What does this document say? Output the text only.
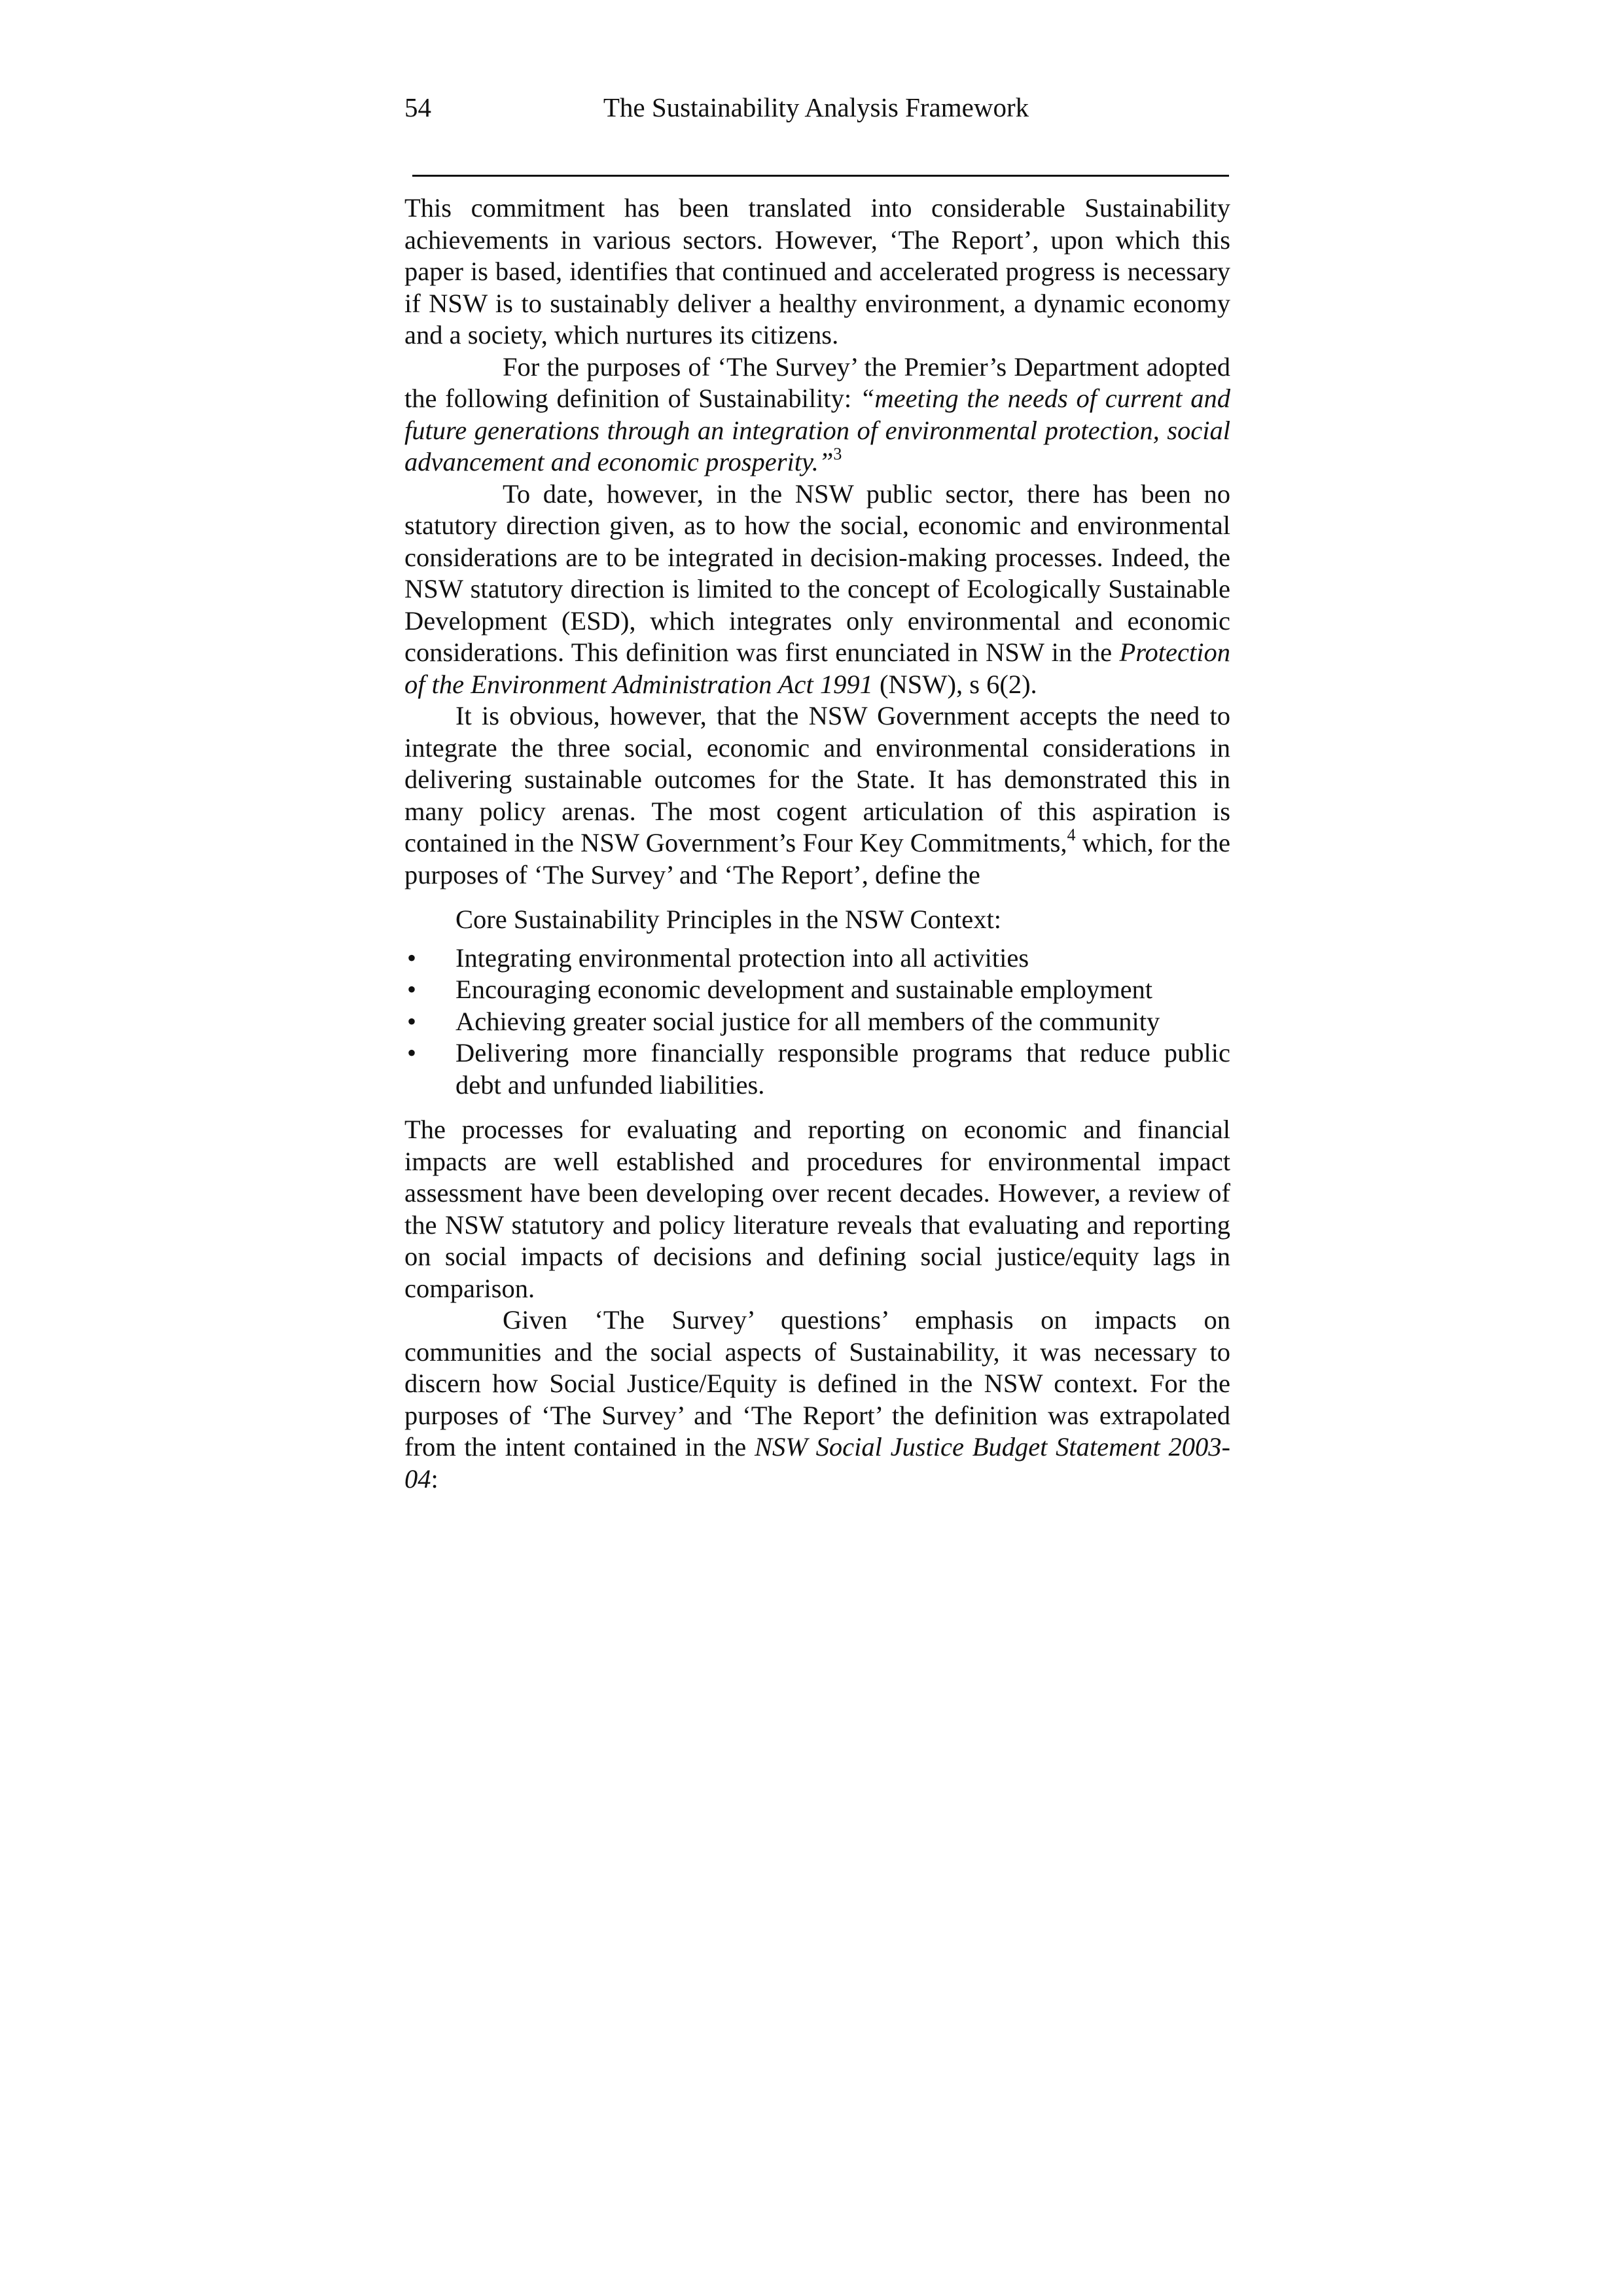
54	The Sustainability Analysis Framework

This commitment has been translated into considerable Sustainability achievements in various sectors. However, ‘The Report’, upon which this paper is based, identifies that continued and accelerated progress is necessary if NSW is to sustainably deliver a healthy environment, a dynamic economy and a society, which nurtures its citizens.

For the purposes of ‘The Survey’ the Premier’s Department adopted the following definition of Sustainability: “meeting the needs of current and future generations through an integration of environmental protection, social advancement and economic prosperity.”$^3$

To date, however, in the NSW public sector, there has been no statutory direction given, as to how the social, economic and environmental considerations are to be integrated in decision-making processes. Indeed, the NSW statutory direction is limited to the concept of Ecologically Sustainable Development (ESD), which integrates only environmental and economic considerations. This definition was first enunciated in NSW in the Protection of the Environment Administration Act 1991 (NSW), s 6(2).

It is obvious, however, that the NSW Government accepts the need to integrate the three social, economic and environmental considerations in delivering sustainable outcomes for the State. It has demonstrated this in many policy arenas. The most cogent articulation of this aspiration is contained in the NSW Government’s Four Key Commitments,$^4$ which, for the purposes of ‘The Survey’ and ‘The Report’, define the

Core Sustainability Principles in the NSW Context:

• Integrating environmental protection into all activities
• Encouraging economic development and sustainable employment
• Achieving greater social justice for all members of the community
• Delivering more financially responsible programs that reduce public debt and unfunded liabilities.

The processes for evaluating and reporting on economic and financial impacts are well established and procedures for environmental impact assessment have been developing over recent decades. However, a review of the NSW statutory and policy literature reveals that evaluating and reporting on social impacts of decisions and defining social justice/equity lags in comparison.

Given ‘The Survey’ questions’ emphasis on impacts on communities and the social aspects of Sustainability, it was necessary to discern how Social Justice/Equity is defined in the NSW context. For the purposes of ‘The Survey’ and ‘The Report’ the definition was extrapolated from the intent contained in the NSW Social Justice Budget Statement 2003-04:
